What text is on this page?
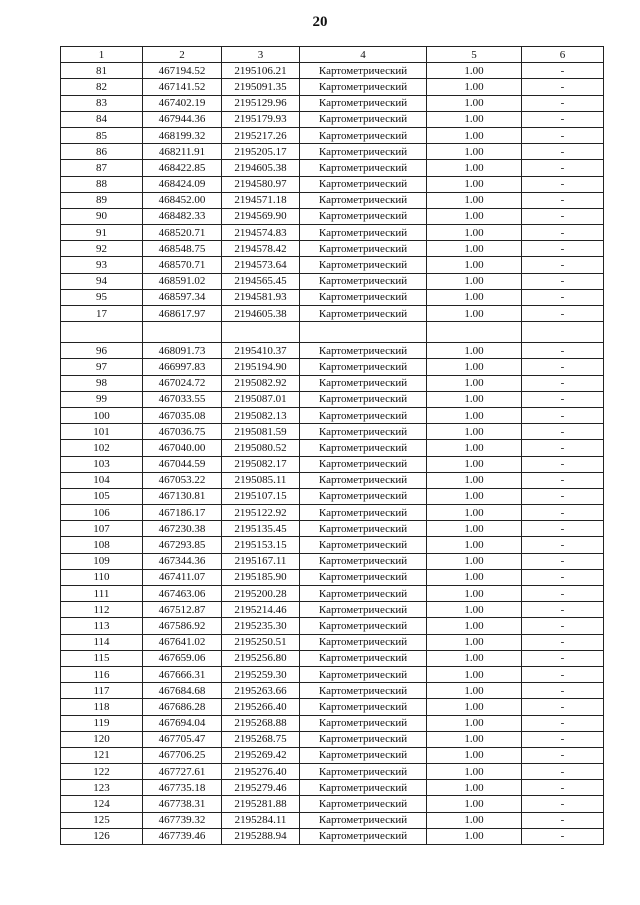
20
1	2	3	4	5	6
81	467194.52	2195106.21	Картометрический	1.00	-
82	467141.52	2195091.35	Картометрический	1.00	-
83	467402.19	2195129.96	Картометрический	1.00	-
84	467944.36	2195179.93	Картометрический	1.00	-
85	468199.32	2195217.26	Картометрический	1.00	-
86	468211.91	2195205.17	Картометрический	1.00	-
87	468422.85	2194605.38	Картометрический	1.00	-
88	468424.09	2194580.97	Картометрический	1.00	-
89	468452.00	2194571.18	Картометрический	1.00	-
90	468482.33	2194569.90	Картометрический	1.00	-
91	468520.71	2194574.83	Картометрический	1.00	-
92	468548.75	2194578.42	Картометрический	1.00	-
93	468570.71	2194573.64	Картометрический	1.00	-
94	468591.02	2194565.45	Картометрический	1.00	-
95	468597.34	2194581.93	Картометрический	1.00	-
17	468617.97	2194605.38	Картометрический	1.00	-

96	468091.73	2195410.37	Картометрический	1.00	-
97	466997.83	2195194.90	Картометрический	1.00	-
98	467024.72	2195082.92	Картометрический	1.00	-
99	467033.55	2195087.01	Картометрический	1.00	-
100	467035.08	2195082.13	Картометрический	1.00	-
101	467036.75	2195081.59	Картометрический	1.00	-
102	467040.00	2195080.52	Картометрический	1.00	-
103	467044.59	2195082.17	Картометрический	1.00	-
104	467053.22	2195085.11	Картометрический	1.00	-
105	467130.81	2195107.15	Картометрический	1.00	-
106	467186.17	2195122.92	Картометрический	1.00	-
107	467230.38	2195135.45	Картометрический	1.00	-
108	467293.85	2195153.15	Картометрический	1.00	-
109	467344.36	2195167.11	Картометрический	1.00	-
110	467411.07	2195185.90	Картометрический	1.00	-
111	467463.06	2195200.28	Картометрический	1.00	-
112	467512.87	2195214.46	Картометрический	1.00	-
113	467586.92	2195235.30	Картометрический	1.00	-
114	467641.02	2195250.51	Картометрический	1.00	-
115	467659.06	2195256.80	Картометрический	1.00	-
116	467666.31	2195259.30	Картометрический	1.00	-
117	467684.68	2195263.66	Картометрический	1.00	-
118	467686.28	2195266.40	Картометрический	1.00	-
119	467694.04	2195268.88	Картометрический	1.00	-
120	467705.47	2195268.75	Картометрический	1.00	-
121	467706.25	2195269.42	Картометрический	1.00	-
122	467727.61	2195276.40	Картометрический	1.00	-
123	467735.18	2195279.46	Картометрический	1.00	-
124	467738.31	2195281.88	Картометрический	1.00	-
125	467739.32	2195284.11	Картометрический	1.00	-
126	467739.46	2195288.94	Картометрический	1.00	-
